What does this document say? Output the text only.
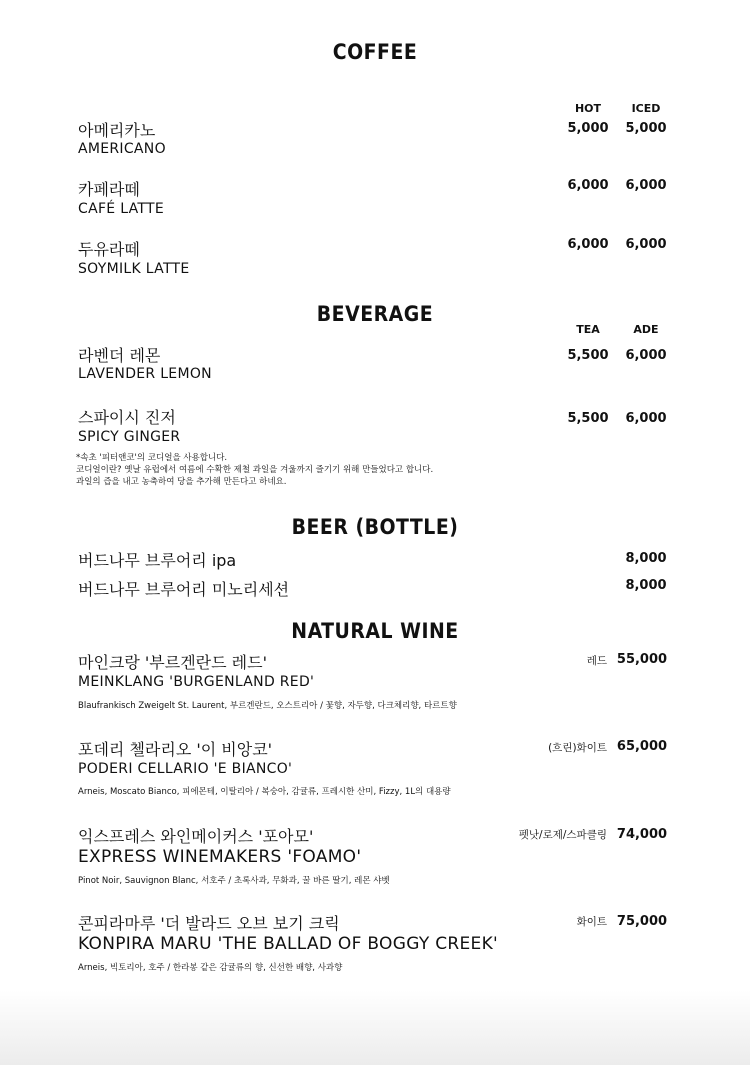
COFFEE
HOT	ICED
아메리카노
AMERICANO
5,000	5,000
카페라떼
CAFÉ LATTE
6,000	6,000
두유라떼
SOYMILK LATTE
6,000	6,000
BEVERAGE
TEA	ADE
라벤더 레몬
LAVENDER LEMON
5,500	6,000
스파이시 진저
SPICY GINGER
5,500	6,000
*속초 '피터앤코'의 코디얼을 사용합니다.
코디얼이란? 옛날 유럽에서 여름에 수확한 제철 과일을 겨울까지 즐기기 위해 만들었다고 합니다.
과일의 즙을 내고 농축하여 당을 추가해 만든다고 하네요.
BEER (BOTTLE)
버드나무 브루어리 ipa	8,000
버드나무 브루어리 미노리세션	8,000
NATURAL WINE
마인크랑 '부르겐란드 레드'
MEINKLANG 'BURGENLAND RED'
레드 55,000
Blaufrankisch Zweigelt St. Laurent, 부르겐란드, 오스트리아 / 꽃향, 자두향, 다크체리향, 타르트향
포데리 첼라리오 '이 비앙코'
PODERI CELLARIO 'E BIANCO'
(흐린)화이트 65,000
Arneis, Moscato Bianco, 피에몬테, 이탈리아 / 복숭아, 감귤류, 프레시한 산미, Fizzy, 1L의 대용량
익스프레스 와인메이커스 '포아모'
EXPRESS WINEMAKERS 'FOAMO'
펫낫/로제/스파클링 74,000
Pinot Noir, Sauvignon Blanc, 서호주 / 초록사과, 무화과, 꿀 바른 딸기, 레몬 샤벳
콘피라마루 '더 발라드 오브 보기 크릭
KONPIRA MARU 'THE BALLAD OF BOGGY CREEK'
화이트 75,000
Arneis, 빅토리아, 호주 / 한라봉 같은 감귤류의 향, 신선한 배향, 사과향
